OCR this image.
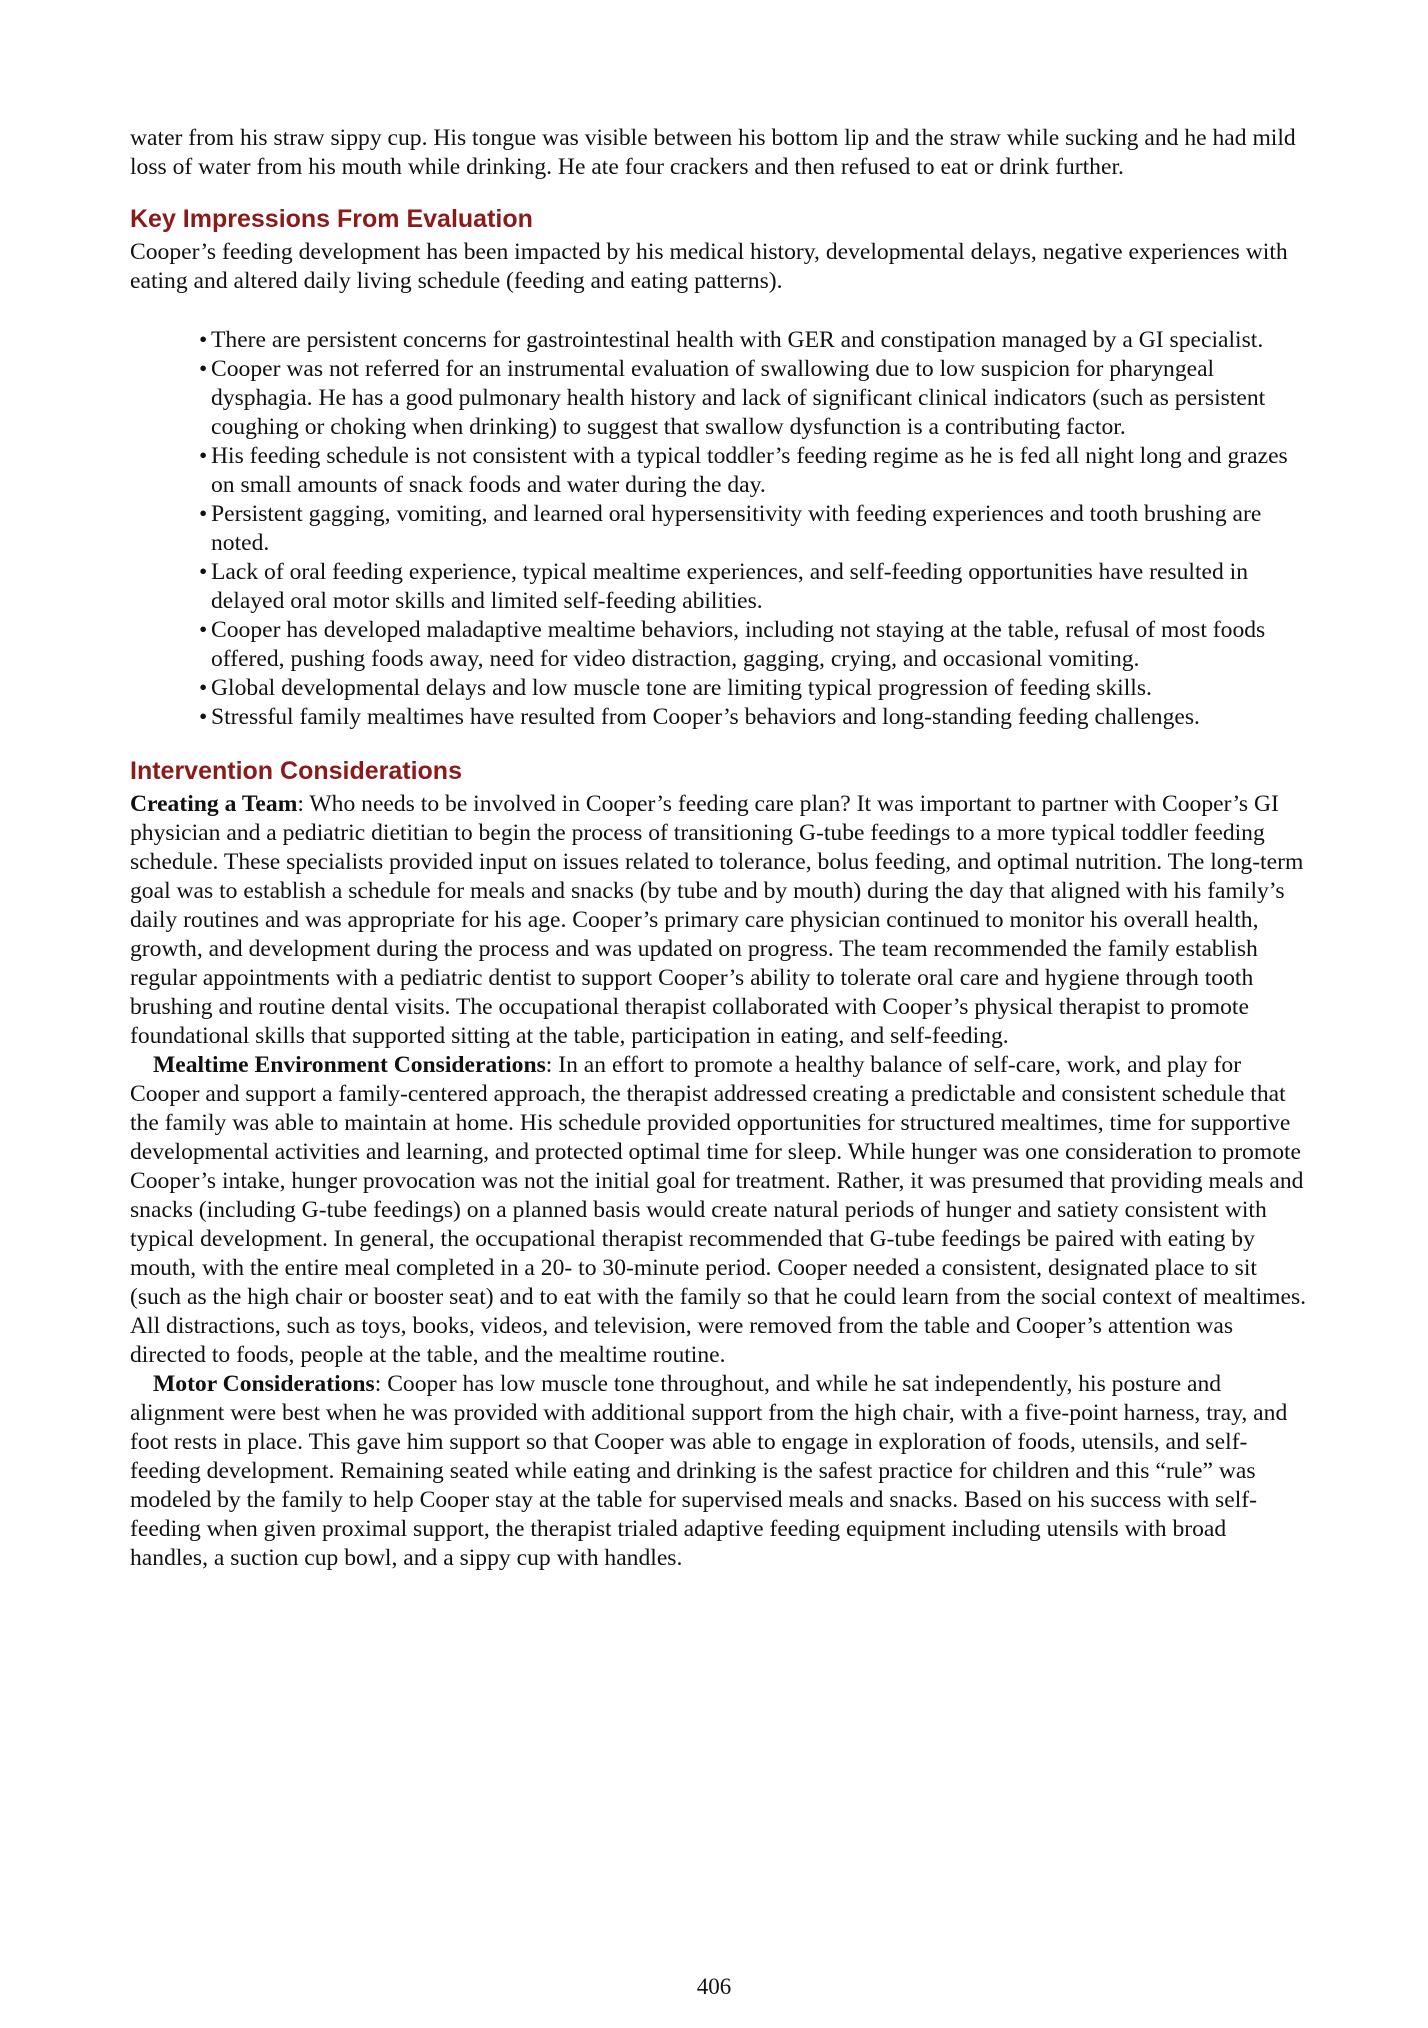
water from his straw sippy cup. His tongue was visible between his bottom lip and the straw while sucking and he had mild loss of water from his mouth while drinking. He ate four crackers and then refused to eat or drink further.

Key Impressions From Evaluation

Cooper’s feeding development has been impacted by his medical history, developmental delays, negative experiences with eating and altered daily living schedule (feeding and eating patterns).

• There are persistent concerns for gastrointestinal health with GER and constipation managed by a GI specialist.
• Cooper was not referred for an instrumental evaluation of swallowing due to low suspicion for pharyngeal dysphagia. He has a good pulmonary health history and lack of significant clinical indicators (such as persistent coughing or choking when drinking) to suggest that swallow dysfunction is a contributing factor.
• His feeding schedule is not consistent with a typical toddler’s feeding regime as he is fed all night long and grazes on small amounts of snack foods and water during the day.
• Persistent gagging, vomiting, and learned oral hypersensitivity with feeding experiences and tooth brushing are noted.
• Lack of oral feeding experience, typical mealtime experiences, and self-feeding opportunities have resulted in delayed oral motor skills and limited self-feeding abilities.
• Cooper has developed maladaptive mealtime behaviors, including not staying at the table, refusal of most foods offered, pushing foods away, need for video distraction, gagging, crying, and occasional vomiting.
• Global developmental delays and low muscle tone are limiting typical progression of feeding skills.
• Stressful family mealtimes have resulted from Cooper’s behaviors and long-standing feeding challenges.
Intervention Considerations

Creating a Team: Who needs to be involved in Cooper’s feeding care plan? It was important to partner with Cooper’s GI physician and a pediatric dietitian to begin the process of transitioning G-tube feedings to a more typical toddler feeding schedule. These specialists provided input on issues related to tolerance, bolus feeding, and optimal nutrition. The long-term goal was to establish a schedule for meals and snacks (by tube and by mouth) during the day that aligned with his family’s daily routines and was appropriate for his age. Cooper’s primary care physician continued to monitor his overall health, growth, and development during the process and was updated on progress. The team recommended the family establish regular appointments with a pediatric dentist to support Cooper’s ability to tolerate oral care and hygiene through tooth brushing and routine dental visits. The occupational therapist collaborated with Cooper’s physical therapist to promote foundational skills that supported sitting at the table, participation in eating, and self-feeding.

Mealtime Environment Considerations: In an effort to promote a healthy balance of self-care, work, and play for Cooper and support a family-centered approach, the therapist addressed creating a predictable and consistent schedule that the family was able to maintain at home. His schedule provided opportunities for structured mealtimes, time for supportive developmental activities and learning, and protected optimal time for sleep. While hunger was one consideration to promote Cooper’s intake, hunger provocation was not the initial goal for treatment. Rather, it was presumed that providing meals and snacks (including G-tube feedings) on a planned basis would create natural periods of hunger and satiety consistent with typical development. In general, the occupational therapist recommended that G-tube feedings be paired with eating by mouth, with the entire meal completed in a 20- to 30-minute period. Cooper needed a consistent, designated place to sit (such as the high chair or booster seat) and to eat with the family so that he could learn from the social context of mealtimes. All distractions, such as toys, books, videos, and television, were removed from the table and Cooper’s attention was directed to foods, people at the table, and the mealtime routine.

Motor Considerations: Cooper has low muscle tone throughout, and while he sat independently, his posture and alignment were best when he was provided with additional support from the high chair, with a five-point harness, tray, and foot rests in place. This gave him support so that Cooper was able to engage in exploration of foods, utensils, and self-feeding development. Remaining seated while eating and drinking is the safest practice for children and this “rule” was modeled by the family to help Cooper stay at the table for supervised meals and snacks. Based on his success with self-feeding when given proximal support, the therapist trialed adaptive feeding equipment including utensils with broad handles, a suction cup bowl, and a sippy cup with handles.

406
